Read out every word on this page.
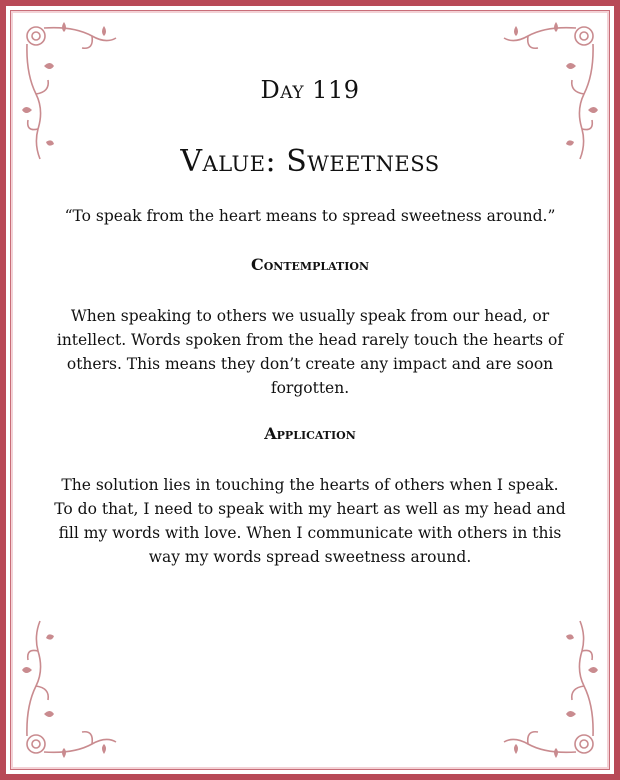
Day 119
Value: Sweetness
“To speak from the heart means to spread sweetness around.”
Contemplation
When speaking to others we usually speak from our head, or intellect. Words spoken from the head rarely touch the hearts of others. This means they don’t create any impact and are soon forgotten.
Application
The solution lies in touching the hearts of others when I speak. To do that, I need to speak with my heart as well as my head and fill my words with love. When I communicate with others in this way my words spread sweetness around.
